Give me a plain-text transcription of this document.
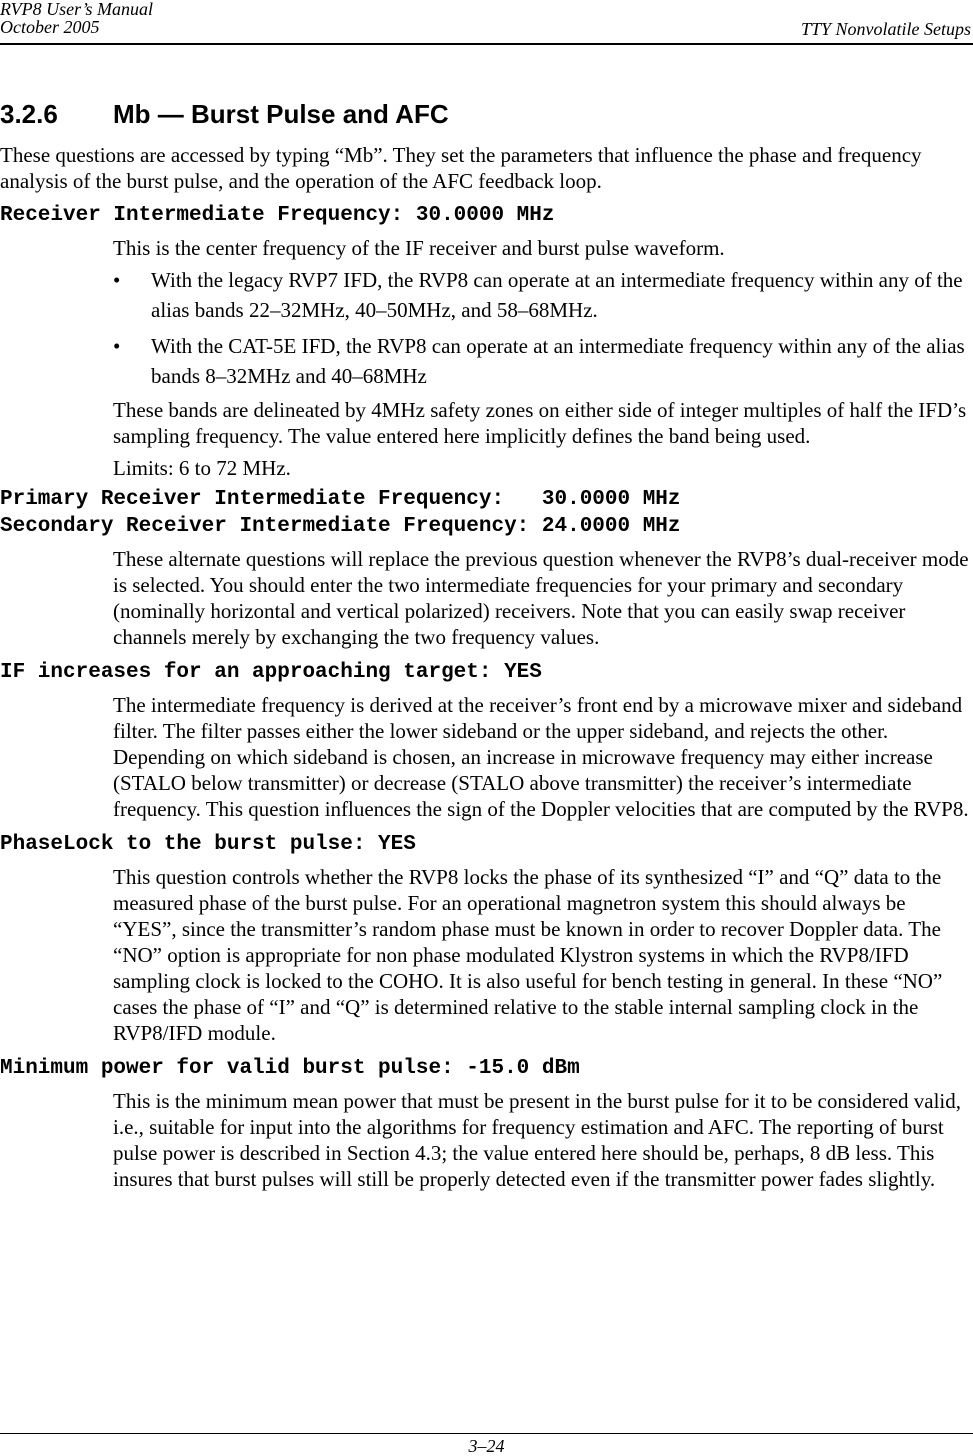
RVP8 User’s Manual
October 2005	TTY Nonvolatile Setups
3.2.6	Mb — Burst Pulse and AFC

These questions are accessed by typing “Mb”. They set the parameters that influence the phase and frequency analysis of the burst pulse, and the operation of the AFC feedback loop.

Receiver Intermediate Frequency: 30.0000 MHz

This is the center frequency of the IF receiver and burst pulse waveform.

•	With the legacy RVP7 IFD, the RVP8 can operate at an intermediate frequency within any of the alias bands 22–32MHz, 40–50MHz, and 58–68MHz.
•	With the CAT-5E IFD, the RVP8 can operate at an intermediate frequency within any of the alias bands 8–32MHz and 40–68MHz

These bands are delineated by 4MHz safety zones on either side of integer multiples of half the IFD’s sampling frequency. The value entered here implicitly defines the band being used.

Limits: 6 to 72 MHz.

Primary Receiver Intermediate Frequency:   30.0000 MHz
Secondary Receiver Intermediate Frequency: 24.0000 MHz

These alternate questions will replace the previous question whenever the RVP8’s dual-receiver mode is selected. You should enter the two intermediate frequencies for your primary and secondary (nominally horizontal and vertical polarized) receivers. Note that you can easily swap receiver channels merely by exchanging the two frequency values.

IF increases for an approaching target: YES

The intermediate frequency is derived at the receiver’s front end by a microwave mixer and sideband filter. The filter passes either the lower sideband or the upper sideband, and rejects the other. Depending on which sideband is chosen, an increase in microwave frequency may either increase (STALO below transmitter) or decrease (STALO above transmitter) the receiver’s intermediate frequency. This question influences the sign of the Doppler velocities that are computed by the RVP8.

PhaseLock to the burst pulse: YES

This question controls whether the RVP8 locks the phase of its synthesized “I” and “Q” data to the measured phase of the burst pulse. For an operational magnetron system this should always be “YES”, since the transmitter’s random phase must be known in order to recover Doppler data. The “NO” option is appropriate for non phase modulated Klystron systems in which the RVP8/IFD sampling clock is locked to the COHO. It is also useful for bench testing in general. In these “NO” cases the phase of “I” and “Q” is determined relative to the stable internal sampling clock in the RVP8/IFD module.

Minimum power for valid burst pulse: -15.0 dBm

This is the minimum mean power that must be present in the burst pulse for it to be considered valid, i.e., suitable for input into the algorithms for frequency estimation and AFC. The reporting of burst pulse power is described in Section 4.3; the value entered here should be, perhaps, 8 dB less. This insures that burst pulses will still be properly detected even if the transmitter power fades slightly.

3–24
